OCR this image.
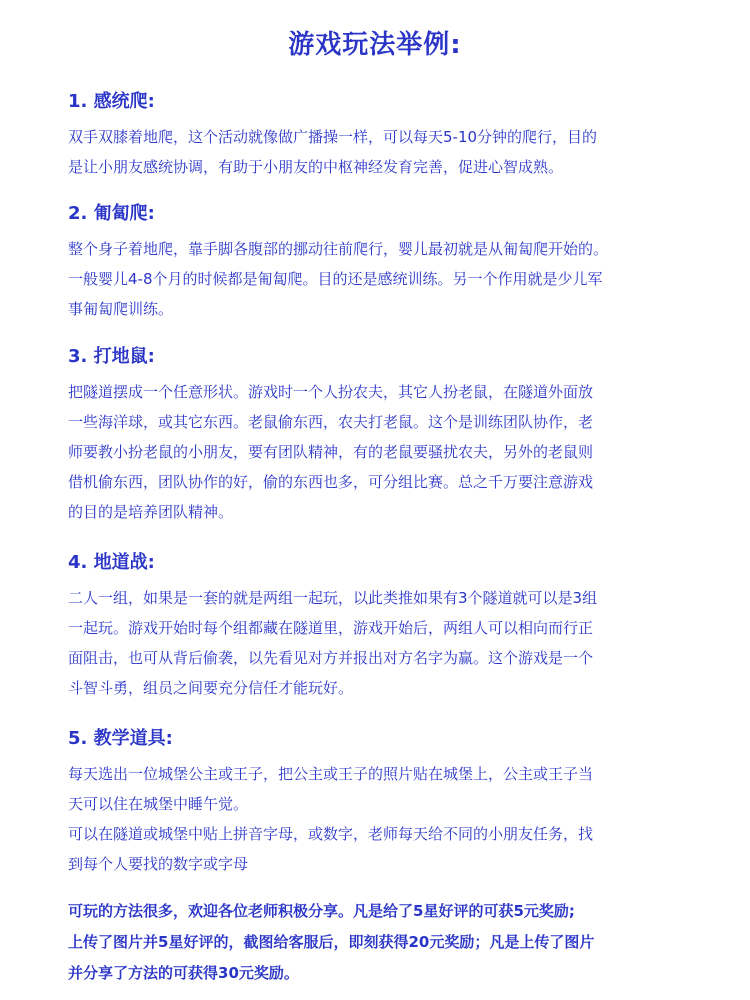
游戏玩法举例:
1. 感统爬:
双手双膝着地爬，这个活动就像做广播操一样，可以每天5-10分钟的爬行，目的
是让小朋友感统协调，有助于小朋友的中枢神经发育完善，促进心智成熟。
2. 匍匐爬:
整个身子着地爬，靠手脚各腹部的挪动往前爬行，婴儿最初就是从匍匐爬开始的。
一般婴儿4-8个月的时候都是匍匐爬。目的还是感统训练。另一个作用就是少儿军
事匍匐爬训练。
3. 打地鼠:
把隧道摆成一个任意形状。游戏时一个人扮农夫，其它人扮老鼠，在隧道外面放
一些海洋球，或其它东西。老鼠偷东西，农夫打老鼠。这个是训练团队协作，老
师要教小扮老鼠的小朋友，要有团队精神，有的老鼠要骚扰农夫，另外的老鼠则
借机偷东西，团队协作的好，偷的东西也多，可分组比赛。总之千万要注意游戏
的目的是培养团队精神。
4. 地道战:
二人一组，如果是一套的就是两组一起玩，以此类推如果有3个隧道就可以是3组
一起玩。游戏开始时每个组都藏在隧道里，游戏开始后，两组人可以相向而行正
面阻击，也可从背后偷袭，以先看见对方并报出对方名字为赢。这个游戏是一个
斗智斗勇，组员之间要充分信任才能玩好。
5. 教学道具:
每天选出一位城堡公主或王子，把公主或王子的照片贴在城堡上，公主或王子当
天可以住在城堡中睡午觉。
可以在隧道或城堡中贴上拼音字母，或数字，老师每天给不同的小朋友任务，找
到每个人要找的数字或字母
可玩的方法很多，欢迎各位老师积极分享。凡是给了5星好评的可获5元奖励;
上传了图片并5星好评的，截图给客服后，即刻获得20元奖励；凡是上传了图片
并分享了方法的可获得30元奖励。
